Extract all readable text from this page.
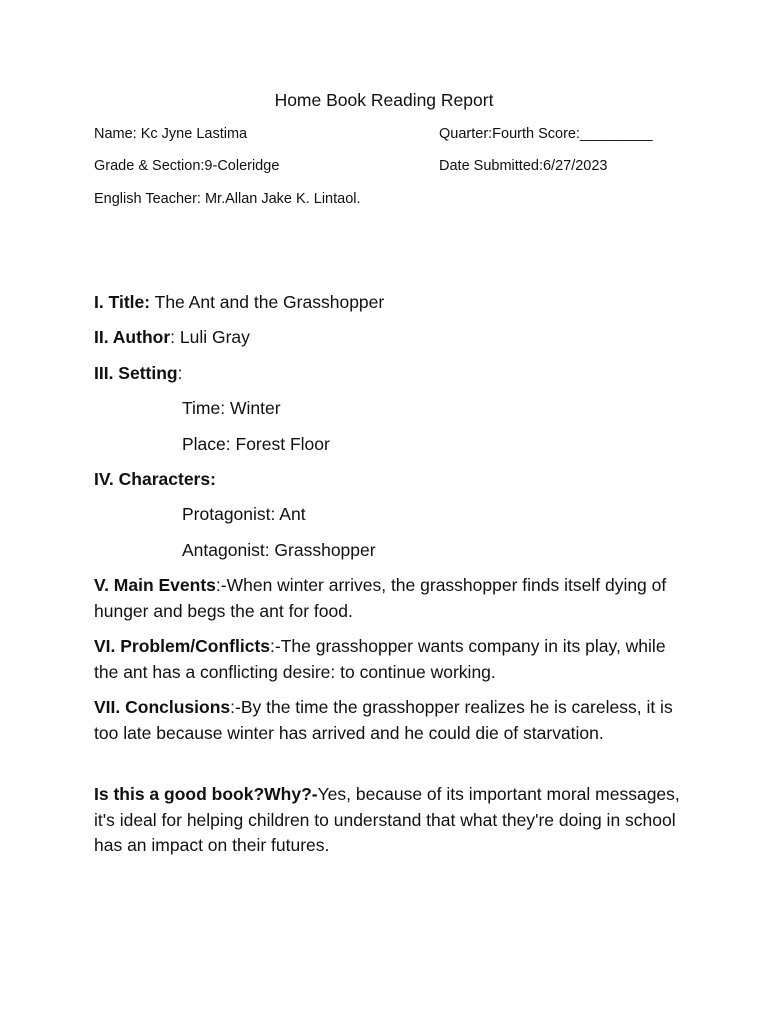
Home Book Reading Report
Name: Kc Jyne Lastima	Quarter:Fourth Score:_________
Grade & Section:9-Coleridge	Date Submitted:6/27/2023
English Teacher: Mr.Allan Jake K. Lintaol.
I. Title: The Ant and the Grasshopper
II. Author: Luli Gray
III. Setting:
Time: Winter
Place: Forest Floor
IV. Characters:
Protagonist: Ant
Antagonist: Grasshopper
V. Main Events:-When winter arrives, the grasshopper finds itself dying of hunger and begs the ant for food.
VI. Problem/Conflicts:-The grasshopper wants company in its play, while the ant has a conflicting desire: to continue working.
VII. Conclusions:-By the time the grasshopper realizes he is careless, it is too late because winter has arrived and he could die of starvation.
Is this a good book?Why?-Yes, because of its important moral messages, it's ideal for helping children to understand that what they're doing in school has an impact on their futures.
